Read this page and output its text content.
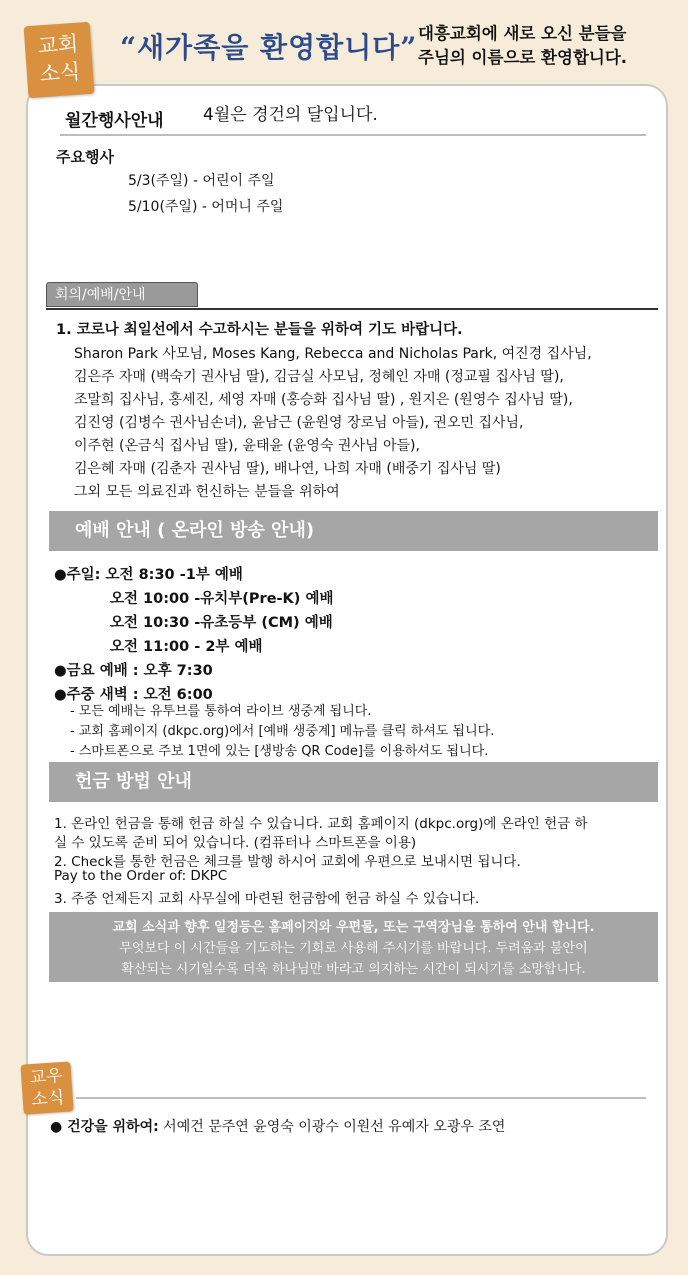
교회
소식
“새가족을 환영합니다” 대흥교회에 새로 오신 분들을
주님의 이름으로 환영합니다.
월간행사안내 4월은 경건의 달입니다.
주요행사
5/3(주일) - 어린이 주일
5/10(주일) - 어머니 주일
회의/예배/안내
1. 코로나 최일선에서 수고하시는 분들을 위하여 기도 바랍니다.
Sharon Park 사모님, Moses Kang, Rebecca and Nicholas Park, 여진경 집사님,
김은주 자매 (백숙기 권사님 딸), 김금실 사모님, 정혜인 자매 (정교필 집사님 딸),
조말희 집사님, 홍세진, 세영 자매 (홍승화 집사님 딸) , 원지은 (원영수 집사님 딸),
김진영 (김병수 권사님손녀), 윤남근 (윤원영 장로님 아들), 권오민 집사님,
이주현 (온금식 집사님 딸), 윤태윤 (윤영숙 권사님 아들),
김은혜 자매 (김춘자 권사님 딸), 배나연, 나희 자매 (배중기 집사님 딸)
그외 모든 의료진과 헌신하는 분들을 위하여
예배 안내 ( 온라인 방송 안내)
●주일: 오전 8:30 -1부 예배
오전 10:00 -유치부(Pre-K) 예배
오전 10:30 -유초등부 (CM) 예배
오전 11:00 - 2부 예배
●금요 예배 : 오후 7:30
●주중 새벽 : 오전 6:00
- 모든 예배는 유투브를 통하여 라이브 생중계 됩니다.
- 교회 홈페이지 (dkpc.org)에서 [예배 생중계] 메뉴를 클릭 하셔도 됩니다.
- 스마트폰으로 주보 1면에 있는 [생방송 QR Code]를 이용하셔도 됩니다.
헌금 방법 안내
1. 온라인 헌금을 통해 헌금 하실 수 있습니다. 교회 홈페이지 (dkpc.org)에 온라인 헌금 하
실 수 있도록 준비 되어 있습니다. (컴퓨터나 스마트폰을 이용)
2. Check를 통한 헌금은 체크를 발행 하시어 교회에 우편으로 보내시면 됩니다.
Pay to the Order of: DKPC
3. 주중 언제든지 교회 사무실에 마련된 헌금함에 헌금 하실 수 있습니다.
교회 소식과 향후 일정등은 홈페이지와 우편물, 또는 구역장님을 통하여 안내 합니다.
무엇보다 이 시간들을 기도하는 기회로 사용해 주시기를 바랍니다. 두려움과 불안이
확산되는 시기일수록 더욱 하나님만 바라고 의지하는 시간이 되시기를 소망합니다.
교우
소식
● 건강을 위하여: 서예건 문주연 윤영숙 이광수 이원선 유예자 오광우 조연
